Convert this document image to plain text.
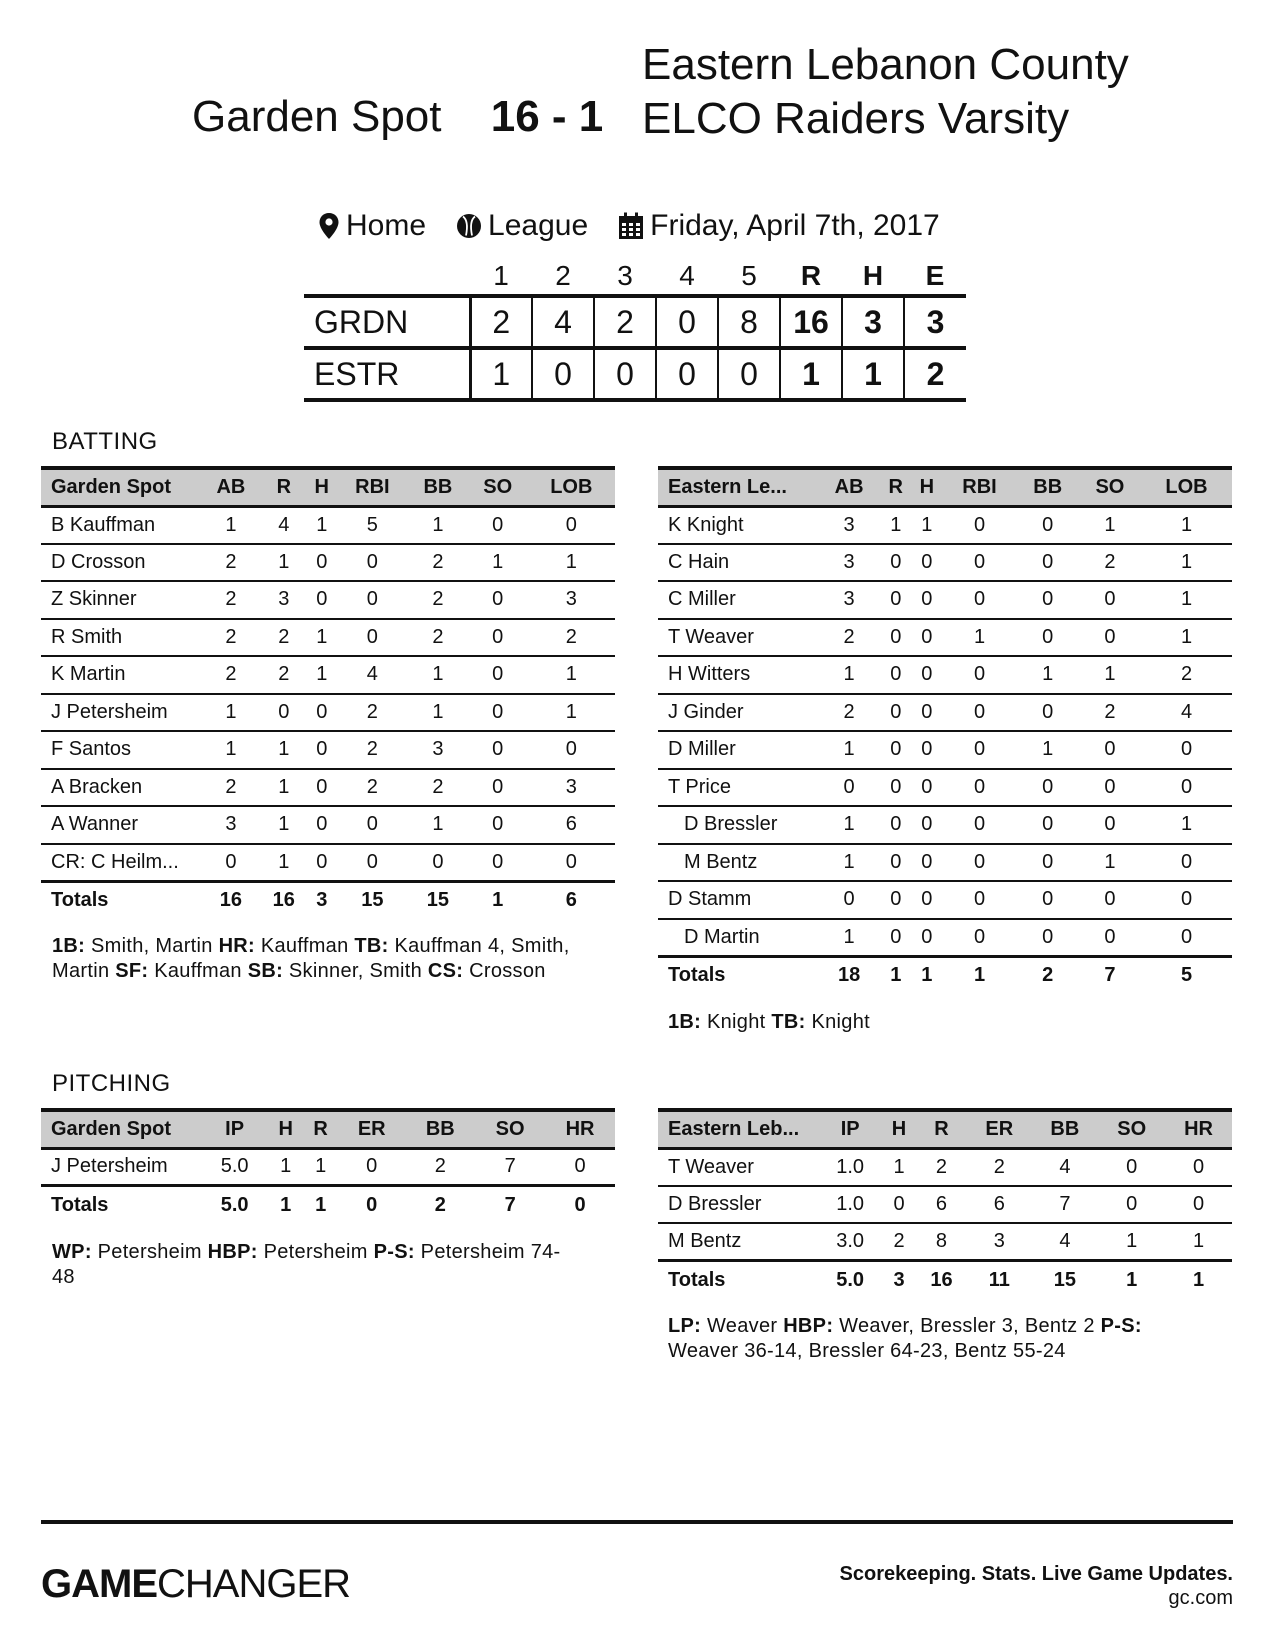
Garden Spot	16 - 1
Eastern Lebanon County ELCO Raiders Varsity
Home League Friday, April 7th, 2017
	1	2	3	4	5	R	H	E
GRDN	2	4	2	0	8	16	3	3
ESTR	1	0	0	0	0	1	1	2
BATTING
Garden Spot	AB	R	H	RBI	BB	SO	LOB
B Kauffman	1	4	1	5	1	0	0
D Crosson	2	1	0	0	2	1	1
Z Skinner	2	3	0	0	2	0	3
R Smith	2	2	1	0	2	0	2
K Martin	2	2	1	4	1	0	1
J Petersheim	1	0	0	2	1	0	1
F Santos	1	1	0	2	3	0	0
A Bracken	2	1	0	2	2	0	3
A Wanner	3	1	0	0	1	0	6
CR: C Heilm...	0	1	0	0	0	0	0
Totals	16	16	3	15	15	1	6
Eastern Le...	AB	R	H	RBI	BB	SO	LOB
K Knight	3	1	1	0	0	1	1
C Hain	3	0	0	0	0	2	1
C Miller	3	0	0	0	0	0	1
T Weaver	2	0	0	1	0	0	1
H Witters	1	0	0	0	1	1	2
J Ginder	2	0	0	0	0	2	4
D Miller	1	0	0	0	1	0	0
T Price	0	0	0	0	0	0	0
D Bressler	1	0	0	0	0	0	1
M Bentz	1	0	0	0	0	1	0
D Stamm	0	0	0	0	0	0	0
D Martin	1	0	0	0	0	0	0
Totals	18	1	1	1	2	7	5
1B: Smith, Martin HR: Kauffman TB: Kauffman 4, Smith, Martin SF: Kauffman SB: Skinner, Smith CS: Crosson
1B: Knight TB: Knight
PITCHING
Garden Spot	IP	H	R	ER	BB	SO	HR
J Petersheim	5.0	1	1	0	2	7	0
Totals	5.0	1	1	0	2	7	0
Eastern Leb...	IP	H	R	ER	BB	SO	HR
T Weaver	1.0	1	2	2	4	0	0
D Bressler	1.0	0	6	6	7	0	0
M Bentz	3.0	2	8	3	4	1	1
Totals	5.0	3	16	11	15	1	1
WP: Petersheim HBP: Petersheim P-S: Petersheim 74-48
LP: Weaver HBP: Weaver, Bressler 3, Bentz 2 P-S: Weaver 36-14, Bressler 64-23, Bentz 55-24
GAMECHANGER	Scorekeeping. Stats. Live Game Updates.
gc.com
